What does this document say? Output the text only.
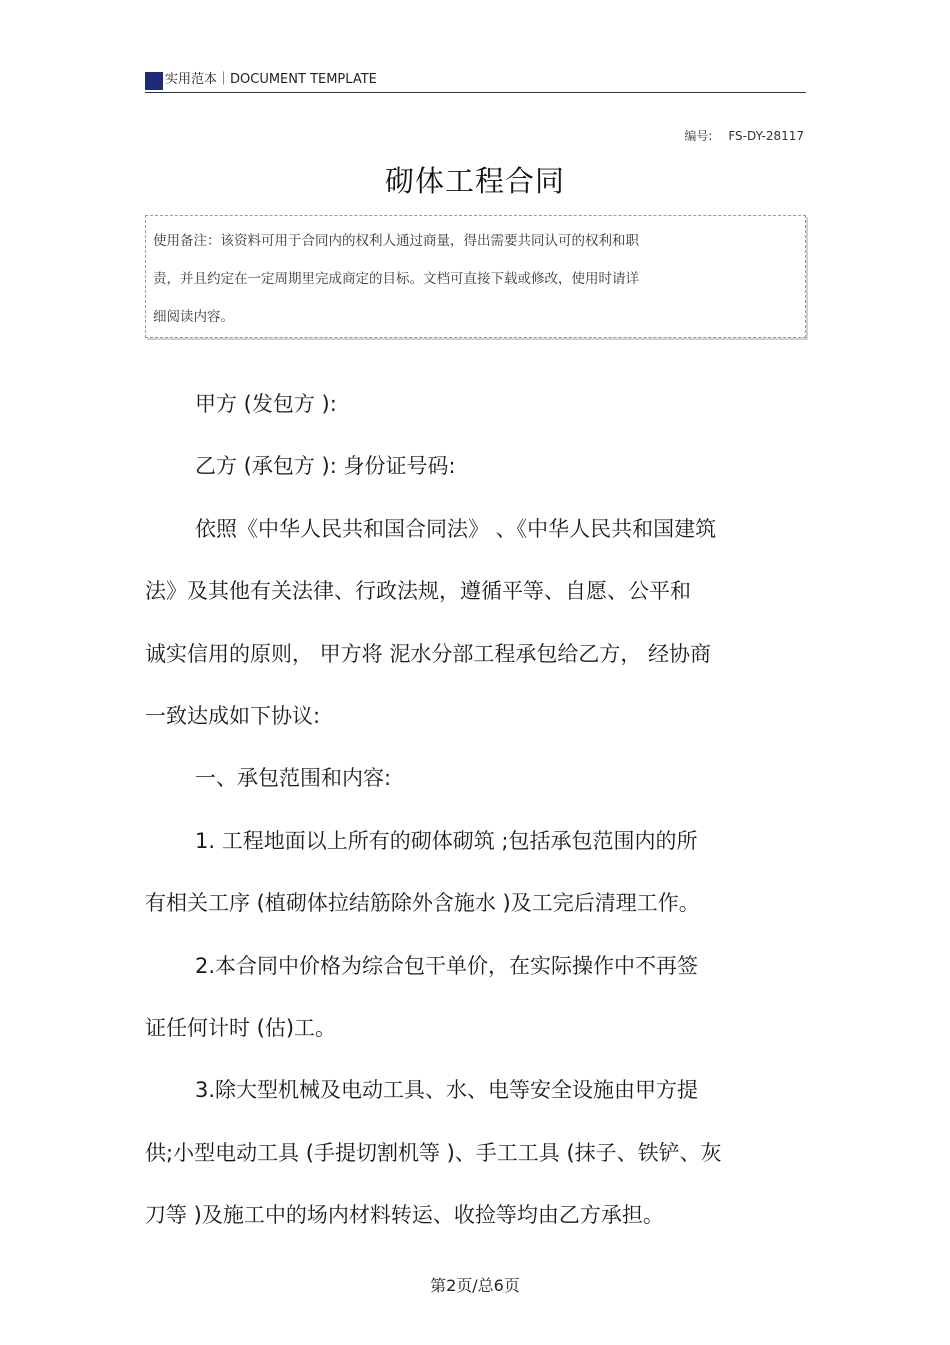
实用范本｜DOCUMENT TEMPLATE
编号: FS-DY-28117
砌体工程合同
使用备注：该资料可用于合同内的权利人通过商量，得出需要共同认可的权利和职
责，并且约定在一定周期里完成商定的目标。文档可直接下载或修改，使用时请详
细阅读内容。
甲方 (发包方 ):
乙方 (承包方 ): 身份证号码:
依照《中华人民共和国合同法》 、《中华人民共和国建筑
法》及其他有关法律、行政法规，遵循平等、自愿、公平和
诚实信用的原则， 甲方将 泥水分部工程承包给乙方， 经协商
一致达成如下协议:
一、承包范围和内容:
1. 工程地面以上所有的砌体砌筑 ;包括承包范围内的所
有相关工序 (植砌体拉结筋除外含施水 )及工完后清理工作。
2.本合同中价格为综合包干单价，在实际操作中不再签
证任何计时 (估)工。
3.除大型机械及电动工具、水、电等安全设施由甲方提
供;小型电动工具 (手提切割机等 )、手工工具 (抹子、铁铲、灰
刀等 )及施工中的场内材料转运、收捡等均由乙方承担。
第2页/总6页
